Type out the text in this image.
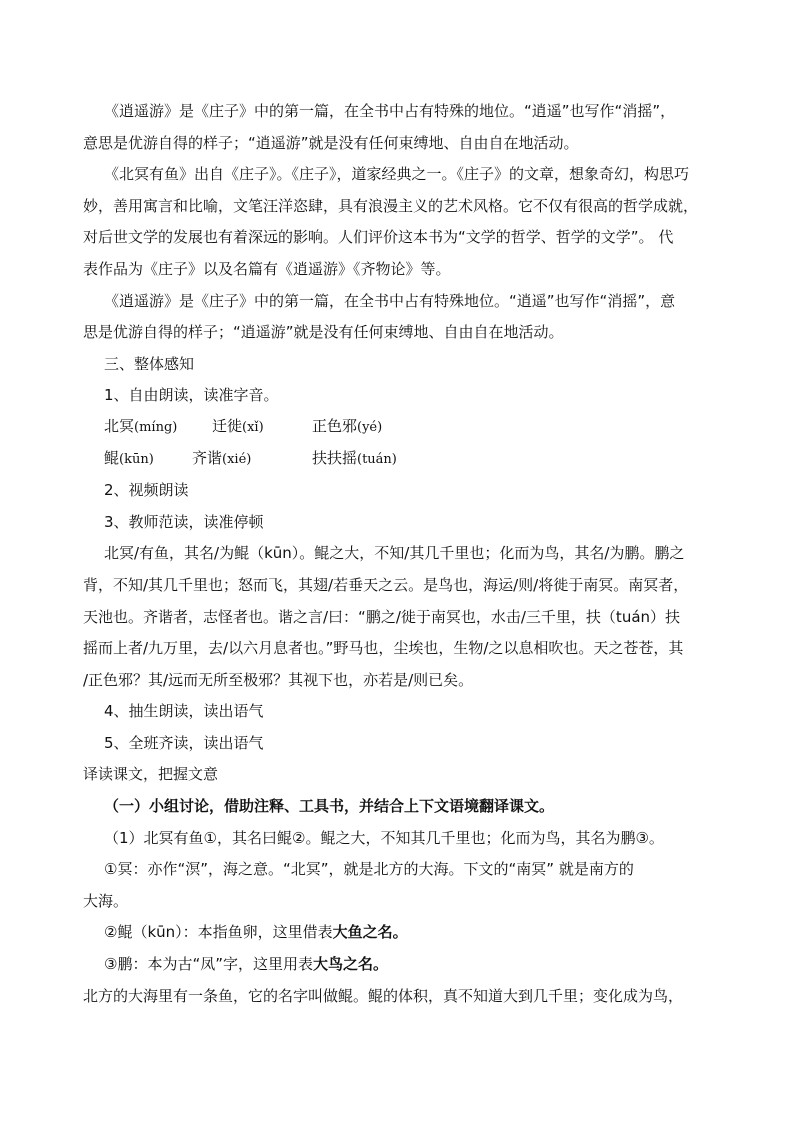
《逍遥游》是《庄子》中的第一篇，在全书中占有特殊的地位。“逍遥”也写作“消摇”，
意思是优游自得的样子；“逍遥游”就是没有任何束缚地、自由自在地活动。
《北冥有鱼》出自《庄子》。《庄子》，道家经典之一。《庄子》的文章，想象奇幻，构思巧
妙，善用寓言和比喻，文笔汪洋恣肆，具有浪漫主义的艺术风格。它不仅有很高的哲学成就，
对后世文学的发展也有着深远的影响。人们评价这本书为“文学的哲学、哲学的文学”。 代
表作品为《庄子》以及名篇有《逍遥游》《齐物论》等。
《逍遥游》是《庄子》中的第一篇，在全书中占有特殊地位。“逍遥”也写作“消摇”，意
思是优游自得的样子；“逍遥游”就是没有任何束缚地、自由自在地活动。
三、整体感知
1、自由朗读，读准字音。
北冥(míng)	迁徙(xǐ)	正色邪(yé)
鲲(kūn)	齐谐(xié)	扶扶摇(tuán)
2、视频朗读
3、教师范读，读准停顿
北冥/有鱼，其名/为鲲（kūn）。鲲之大，不知/其几千里也；化而为鸟，其名/为鹏。鹏之
背，不知/其几千里也；怒而飞，其翅/若垂天之云。是鸟也，海运/则/将徙于南冥。南冥者，
天池也。齐谐者，志怪者也。谐之言/曰：“鹏之/徙于南冥也，水击/三千里，扶（tuán）扶
摇而上者/九万里，去/以六月息者也。”野马也，尘埃也，生物/之以息相吹也。天之苍苍，其
/正色邪？其/远而无所至极邪？其视下也，亦若是/则已矣。
4、抽生朗读，读出语气
5、全班齐读，读出语气
译读课文，把握文意
（一）小组讨论，借助注释、工具书，并结合上下文语境翻译课文。
（1）北冥有鱼①，其名曰鲲②。鲲之大，不知其几千里也；化而为鸟，其名为鹏③。
①冥：亦作“溟”，海之意。“北冥”，就是北方的大海。下文的“南冥” 就是南方的
大海。
②鲲（kūn）：本指鱼卵，这里借表大鱼之名。
③鹏：本为古“凤”字，这里用表大鸟之名。
北方的大海里有一条鱼，它的名字叫做鲲。鲲的体积，真不知道大到几千里；变化成为鸟，
